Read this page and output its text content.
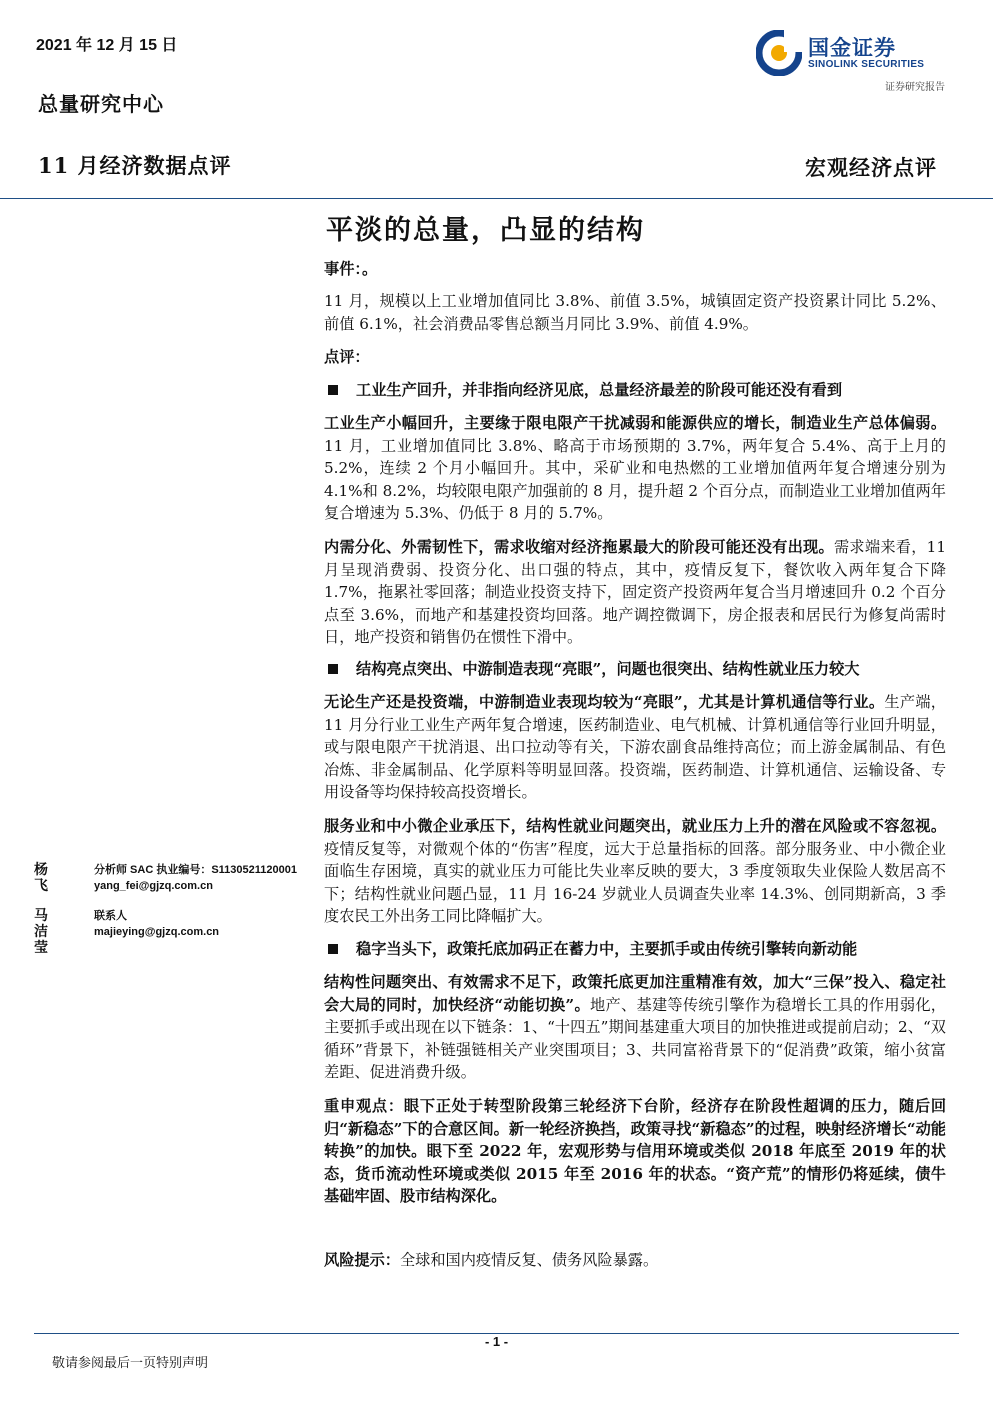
2021 年 12 月 15 日
总量研究中心
11 月经济数据点评	宏观经济点评
国金证券
SINOLINK SECURITIES
证券研究报告
平淡的总量，凸显的结构
事件：。
11 月，规模以上工业增加值同比 3.8%、前值 3.5%，城镇固定资产投资累计同比 5.2%、前值 6.1%，社会消费品零售总额当月同比 3.9%、前值 4.9%。
点评：
工业生产回升，并非指向经济见底，总量经济最差的阶段可能还没有看到
工业生产小幅回升，主要缘于限电限产干扰减弱和能源供应的增长，制造业生产总体偏弱。11 月，工业增加值同比 3.8%、略高于市场预期的 3.7%，两年复合 5.4%、高于上月的 5.2%，连续 2 个月小幅回升。其中，采矿业和电热燃的工业增加值两年复合增速分别为 4.1%和 8.2%，均较限电限产加强前的 8 月，提升超 2 个百分点，而制造业工业增加值两年复合增速为 5.3%、仍低于 8 月的 5.7%。
内需分化、外需韧性下，需求收缩对经济拖累最大的阶段可能还没有出现。需求端来看，11 月呈现消费弱、投资分化、出口强的特点，其中，疫情反复下，餐饮收入两年复合下降 1.7%，拖累社零回落；制造业投资支持下，固定资产投资两年复合当月增速回升 0.2 个百分点至 3.6%，而地产和基建投资均回落。地产调控微调下，房企报表和居民行为修复尚需时日，地产投资和销售仍在惯性下滑中。
结构亮点突出、中游制造表现“亮眼”，问题也很突出、结构性就业压力较大
无论生产还是投资端，中游制造业表现均较为“亮眼”，尤其是计算机通信等行业。生产端，11 月分行业工业生产两年复合增速，医药制造业、电气机械、计算机通信等行业回升明显，或与限电限产干扰消退、出口拉动等有关，下游农副食品维持高位；而上游金属制品、有色冶炼、非金属制品、化学原料等明显回落。投资端，医药制造、计算机通信、运输设备、专用设备等均保持较高投资增长。
服务业和中小微企业承压下，结构性就业问题突出，就业压力上升的潜在风险或不容忽视。疫情反复等，对微观个体的“伤害”程度，远大于总量指标的回落。部分服务业、中小微企业面临生存困境，真实的就业压力可能比失业率反映的要大，3 季度领取失业保险人数居高不下；结构性就业问题凸显，11 月 16-24 岁就业人员调查失业率 14.3%、创同期新高，3 季度农民工外出务工同比降幅扩大。
稳字当头下，政策托底加码正在蓄力中，主要抓手或由传统引擎转向新动能
结构性问题突出、有效需求不足下，政策托底更加注重精准有效，加大“三保”投入、稳定社会大局的同时，加快经济“动能切换”。地产、基建等传统引擎作为稳增长工具的作用弱化，主要抓手或出现在以下链条：1、“十四五”期间基建重大项目的加快推进或提前启动；2、“双循环”背景下，补链强链相关产业突围项目；3、共同富裕背景下的“促消费”政策，缩小贫富差距、促进消费升级。
重申观点：眼下正处于转型阶段第三轮经济下台阶，经济存在阶段性超调的压力，随后回归“新稳态”下的合意区间。新一轮经济换挡，政策寻找“新稳态”的过程，映射经济增长“动能转换”的加快。眼下至 2022 年，宏观形势与信用环境或类似 2018 年底至 2019 年的状态，货币流动性环境或类似 2015 年至 2016 年的状态。“资产荒”的情形仍将延续，债牛基础牢固、股市结构深化。
风险提示：全球和国内疫情反复、债务风险暴露。
杨飞
分析师 SAC 执业编号：S1130521120001
yang_fei@gjzq.com.cn
马洁莹
联系人
majieying@gjzq.com.cn
- 1 -
敬请参阅最后一页特别声明
